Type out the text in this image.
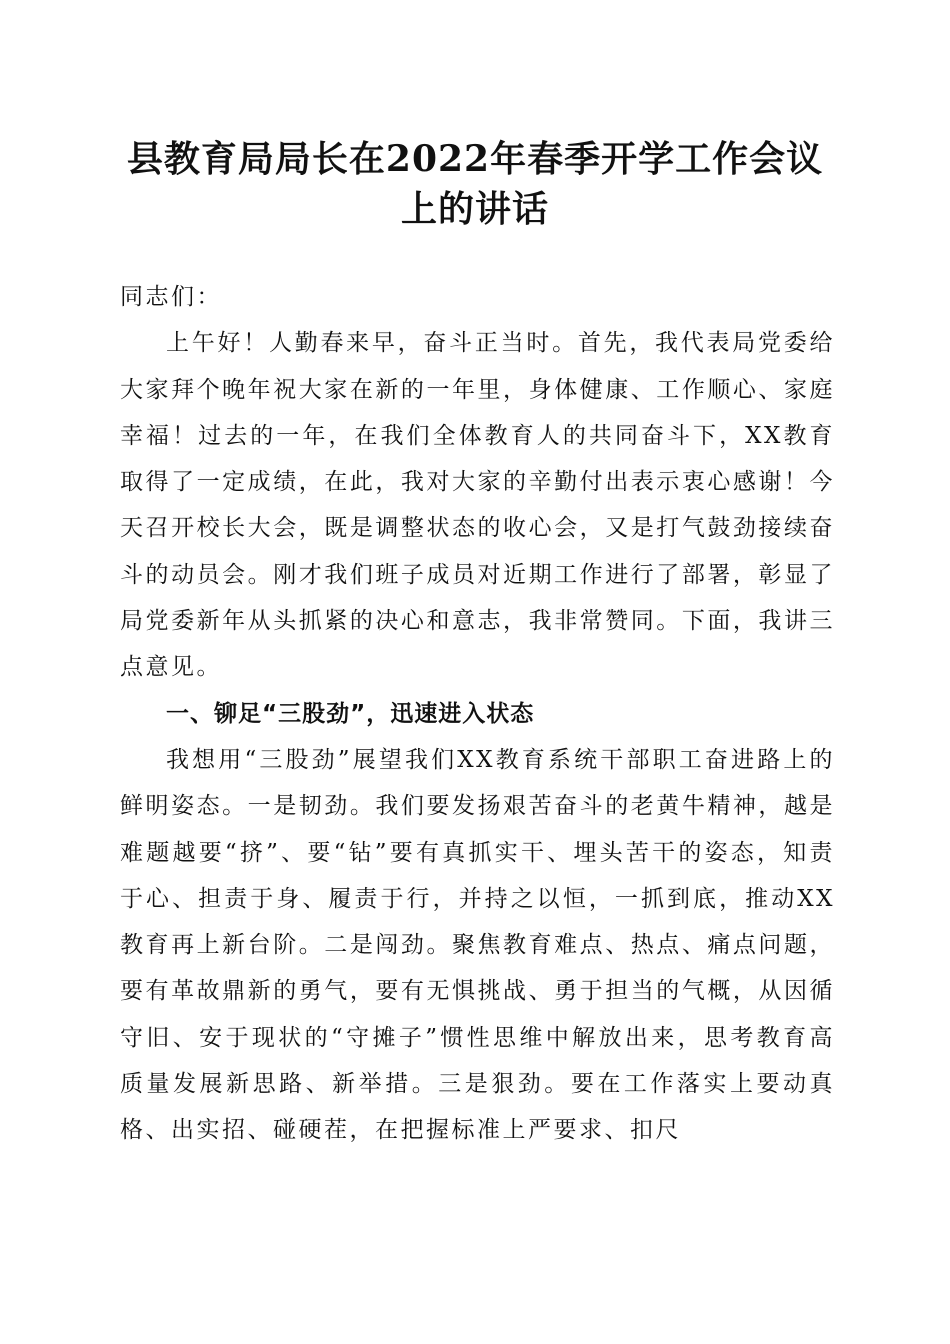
县教育局局长在2022年春季开学工作会议上的讲话

同志们：

上午好！人勤春来早，奋斗正当时。首先，我代表局党委给大家拜个晚年祝大家在新的一年里，身体健康、工作顺心、家庭幸福！过去的一年，在我们全体教育人的共同奋斗下，XX教育取得了一定成绩，在此，我对大家的辛勤付出表示衷心感谢！今天召开校长大会，既是调整状态的收心会，又是打气鼓劲接续奋斗的动员会。刚才我们班子成员对近期工作进行了部署，彰显了局党委新年从头抓紧的决心和意志，我非常赞同。下面，我讲三点意见。

一、铆足“三股劲”，迅速进入状态

我想用“三股劲”展望我们XX教育系统干部职工奋进路上的鲜明姿态。一是韧劲。我们要发扬艰苦奋斗的老黄牛精神，越是难题越要“挤”、要“钻”要有真抓实干、埋头苦干的姿态，知责于心、担责于身、履责于行，并持之以恒，一抓到底，推动XX教育再上新台阶。二是闯劲。聚焦教育难点、热点、痛点问题，要有革故鼎新的勇气，要有无惧挑战、勇于担当的气概，从因循守旧、安于现状的“守摊子”惯性思维中解放出来，思考教育高质量发展新思路、新举措。三是狠劲。要在工作落实上要动真格、出实招、碰硬茬，在把握标准上严要求、扣尺
